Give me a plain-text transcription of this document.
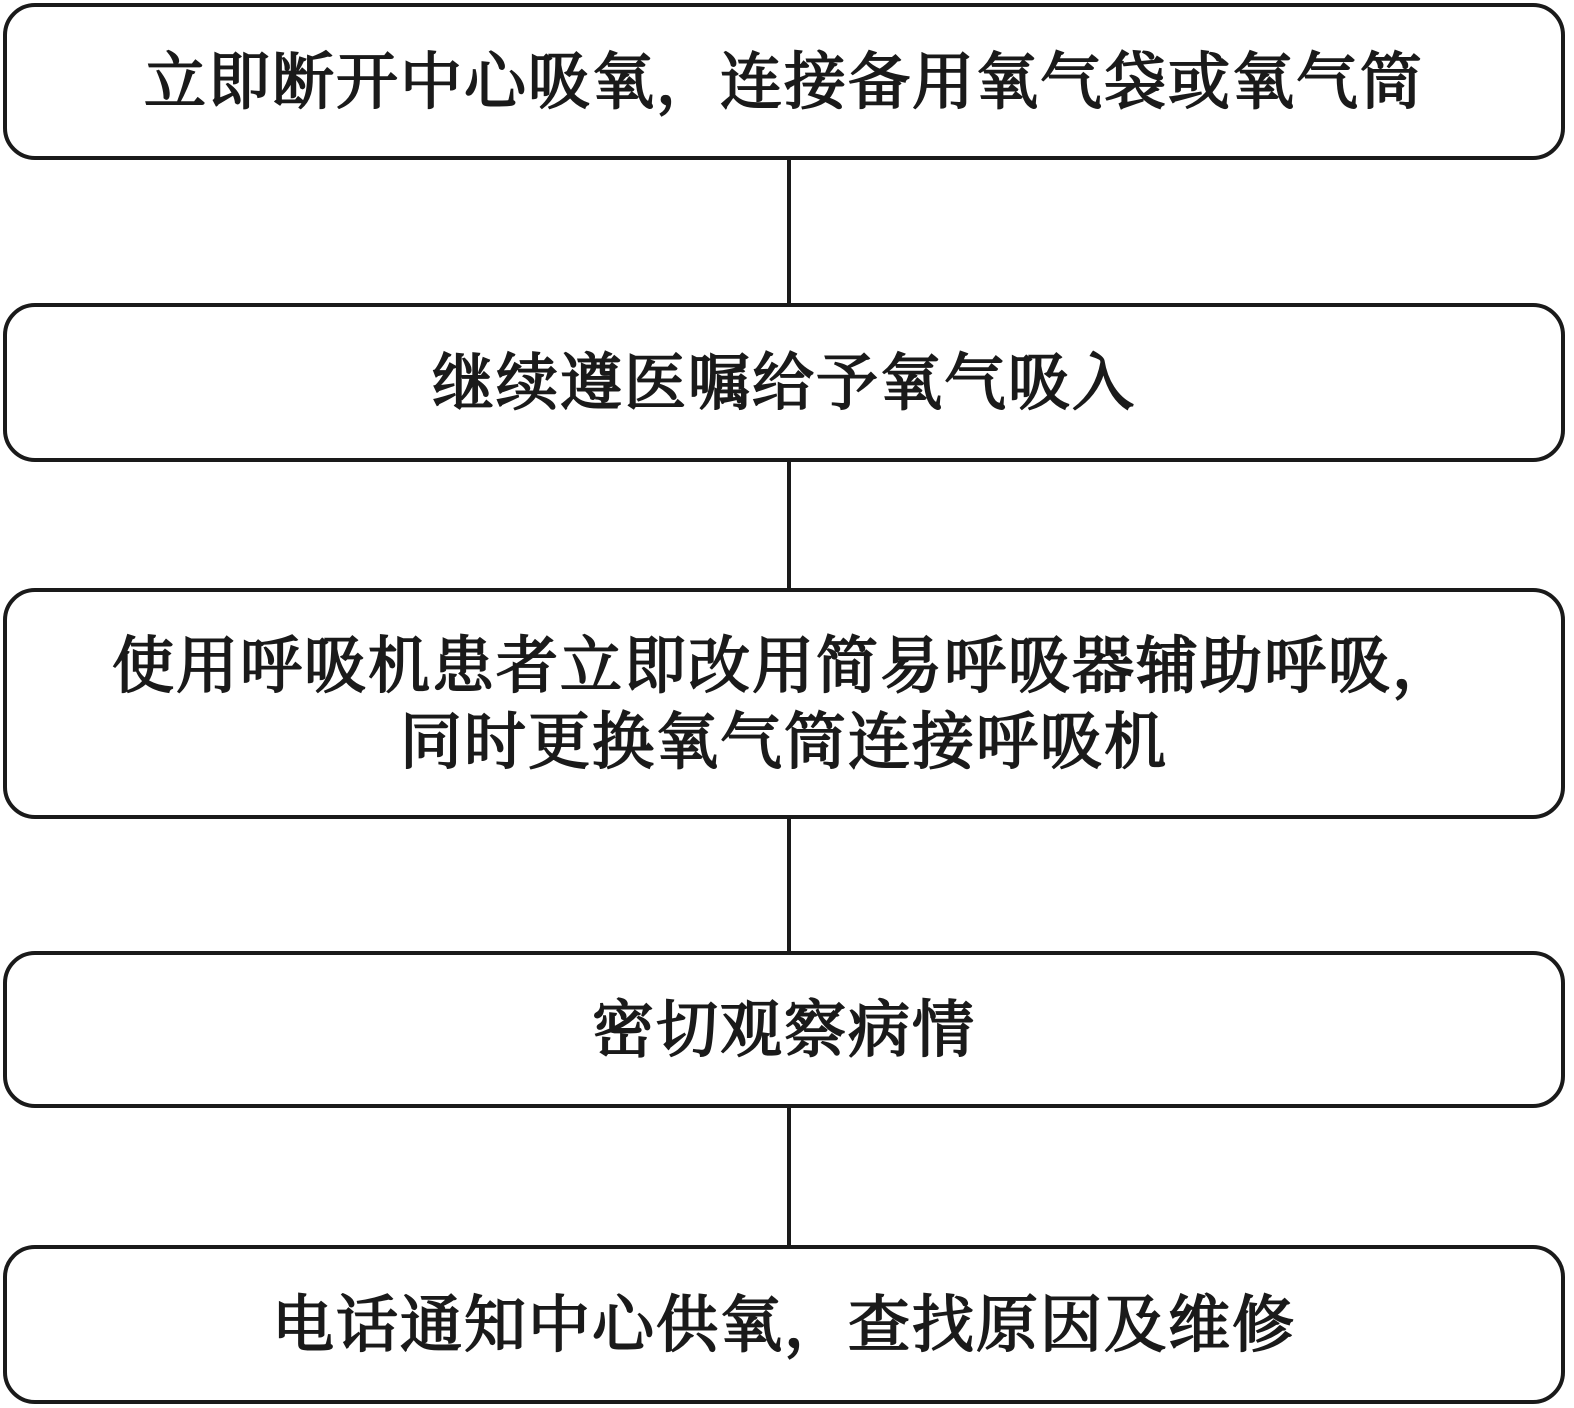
立即断开中心吸氧，连接备用氧气袋或氧气筒
继续遵医嘱给予氧气吸入
使用呼吸机患者立即改用简易呼吸器辅助呼吸，
同时更换氧气筒连接呼吸机
密切观察病情
电话通知中心供氧，查找原因及维修
